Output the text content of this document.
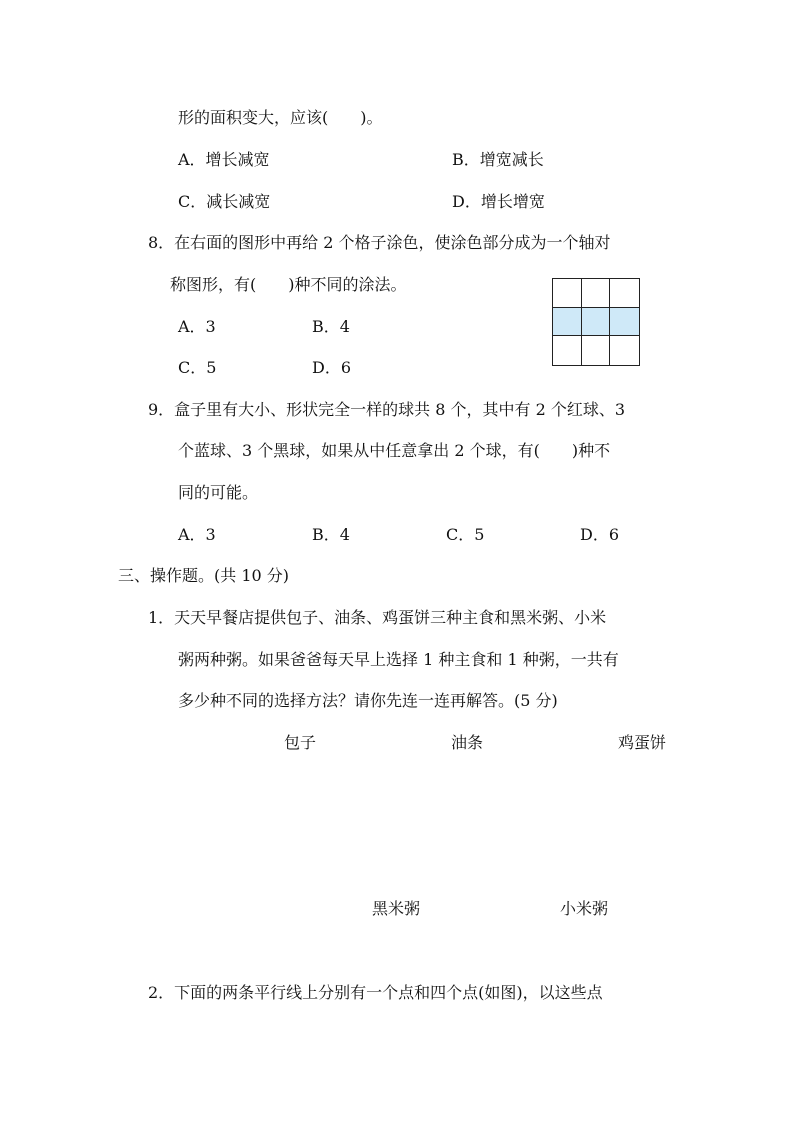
形的面积变大，应该(　　)。
A．增长减宽	B．增宽减长
C．减长减宽	D．增长增宽
8．在右面的图形中再给 2 个格子涂色，使涂色部分成为一个轴对
称图形，有(　　)种不同的涂法。
A．3	B．4
C．5	D．6
9．盒子里有大小、形状完全一样的球共 8 个，其中有 2 个红球、3
个蓝球、3 个黑球，如果从中任意拿出 2 个球，有(　　)种不
同的可能。
A．3	B．4	C．5	D．6
三、操作题。(共 10 分)
1．天天早餐店提供包子、油条、鸡蛋饼三种主食和黑米粥、小米
粥两种粥。如果爸爸每天早上选择 1 种主食和 1 种粥，一共有
多少种不同的选择方法？请你先连一连再解答。(5 分)
包子	油条	鸡蛋饼
黑米粥	小米粥
2．下面的两条平行线上分别有一个点和四个点(如图)，以这些点
